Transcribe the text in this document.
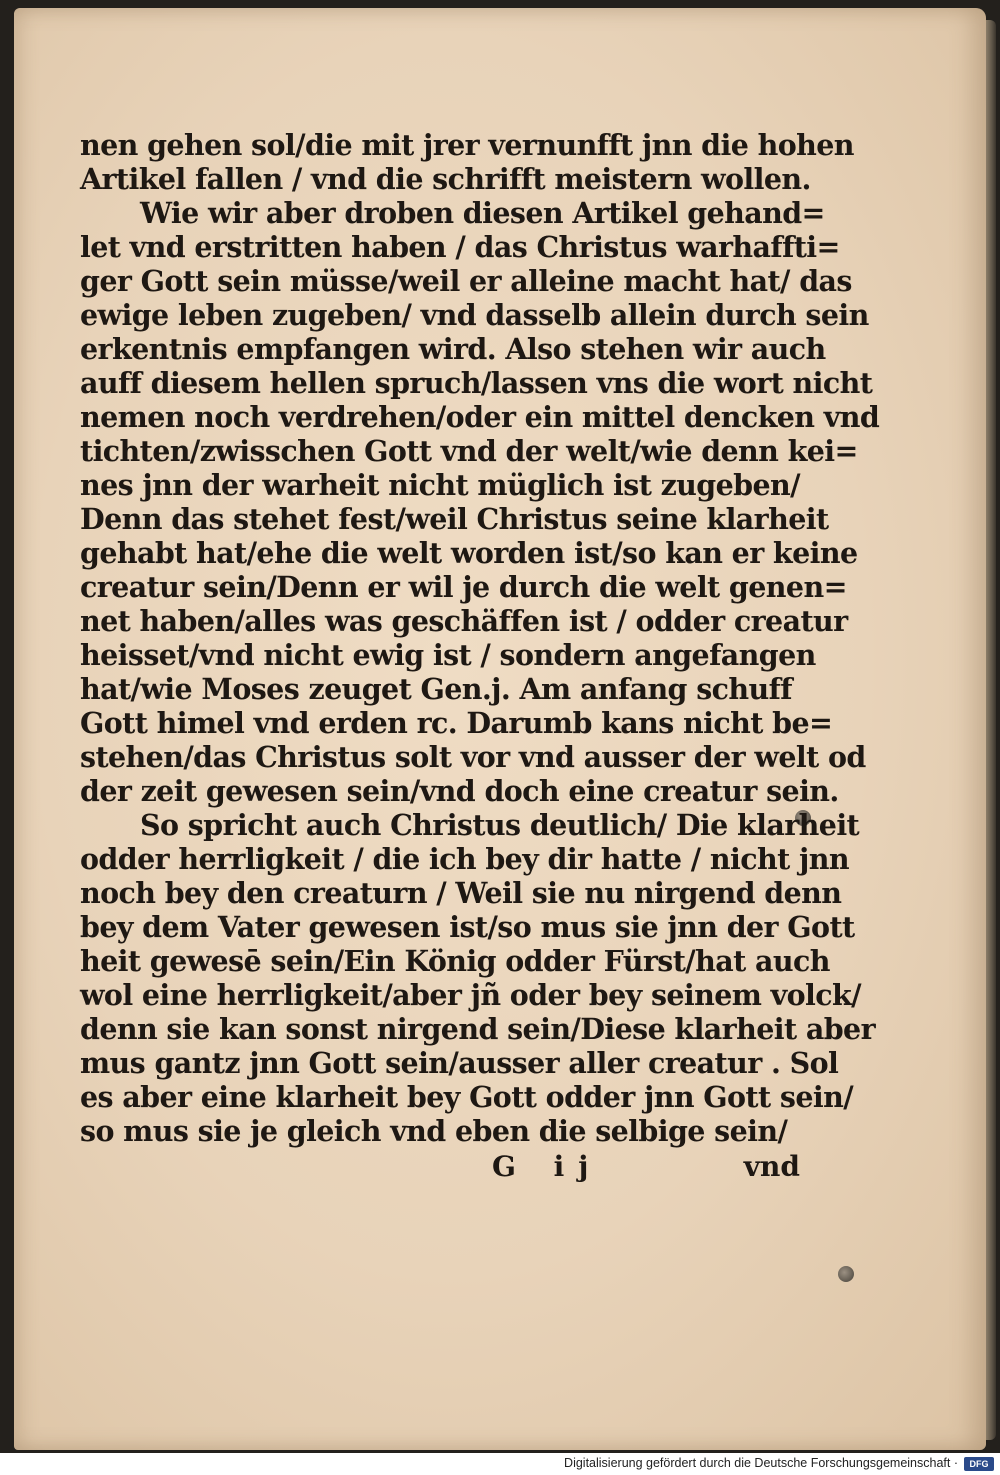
nen gehen sol/die mit jrer vernunfft jnn die hohen
Artikel fallen / vnd die schrifft meistern wollen.
Wie wir aber droben diesen Artikel gehand=
let vnd erstritten haben / das Christus warhaffti=
ger Gott sein müsse/weil er alleine macht hat/ das
ewige leben zugeben/ vnd dasselb allein durch sein
erkentnis empfangen wird. Also stehen wir auch
auff diesem hellen spruch/lassen vns die wort nicht
nemen noch verdrehen/oder ein mittel dencken vnd
tichten/zwisschen Gott vnd der welt/wie denn kei=
nes jnn der warheit nicht müglich ist zugeben/
Denn das stehet fest/weil Christus seine klarheit
gehabt hat/ehe die welt worden ist/so kan er keine
creatur sein/Denn er wil je durch die welt genen=
net haben/alles was geschäffen ist / odder creatur
heisset/vnd nicht ewig ist / sondern angefangen
hat/wie Moses zeuget Gen.j. Am anfang schuff
Gott himel vnd erden rc. Darumb kans nicht be=
stehen/das Christus solt vor vnd ausser der welt od
der zeit gewesen sein/vnd doch eine creatur sein.
So spricht auch Christus deutlich/ Die klarheit
odder herrligkeit / die ich bey dir hatte / nicht jnn
noch bey den creaturn / Weil sie nu nirgend denn
bey dem Vater gewesen ist/so mus sie jnn der Gott
heit gewesē sein/Ein König odder Fürst/hat auch
wol eine herrligkeit/aber jñ oder bey seinem volck/
denn sie kan sonst nirgend sein/Diese klarheit aber
mus gantz jnn Gott sein/ausser aller creatur . Sol
es aber eine klarheit bey Gott odder jnn Gott sein/
so mus sie je gleich vnd eben die selbige sein/
G ij	vnd
Digitalisierung gefördert durch die Deutsche Forschungsgemeinschaft ·	DFG
